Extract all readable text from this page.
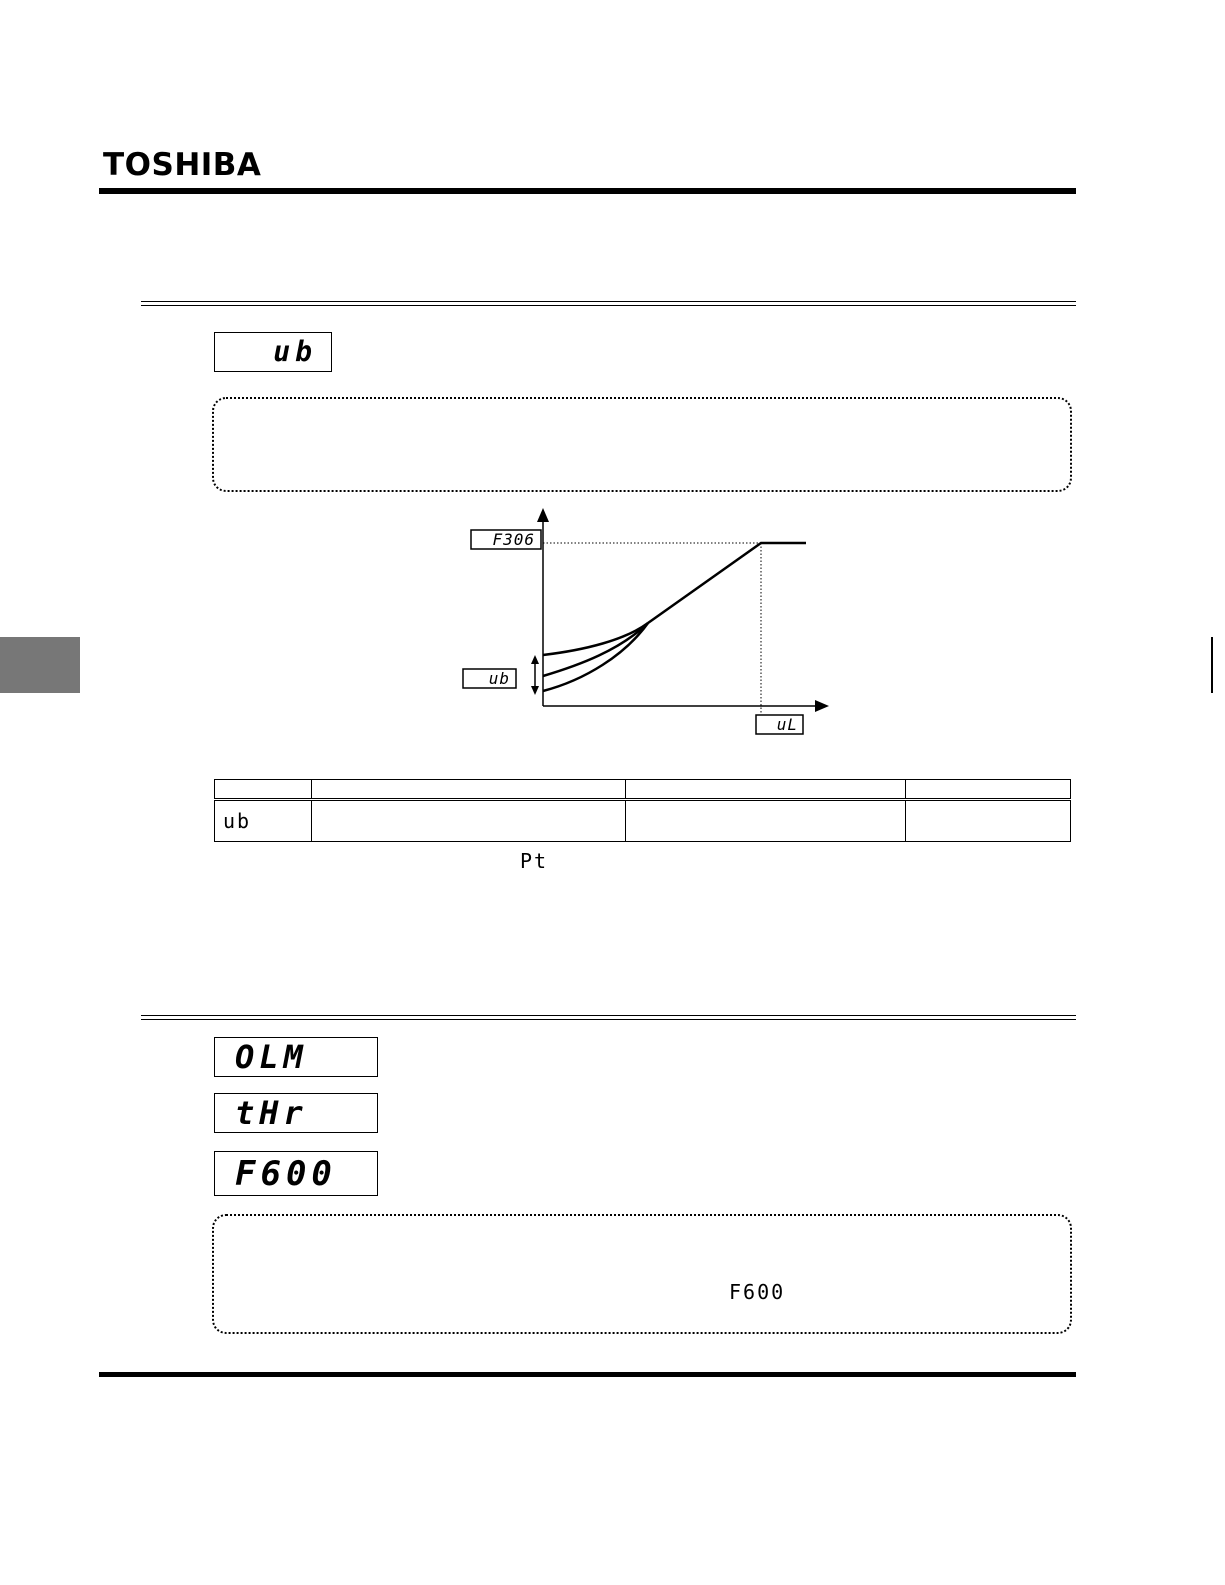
TOSHIBA
ub
F306
ub
uL

ub			
Pt
OLM
tHr
F600
F600
